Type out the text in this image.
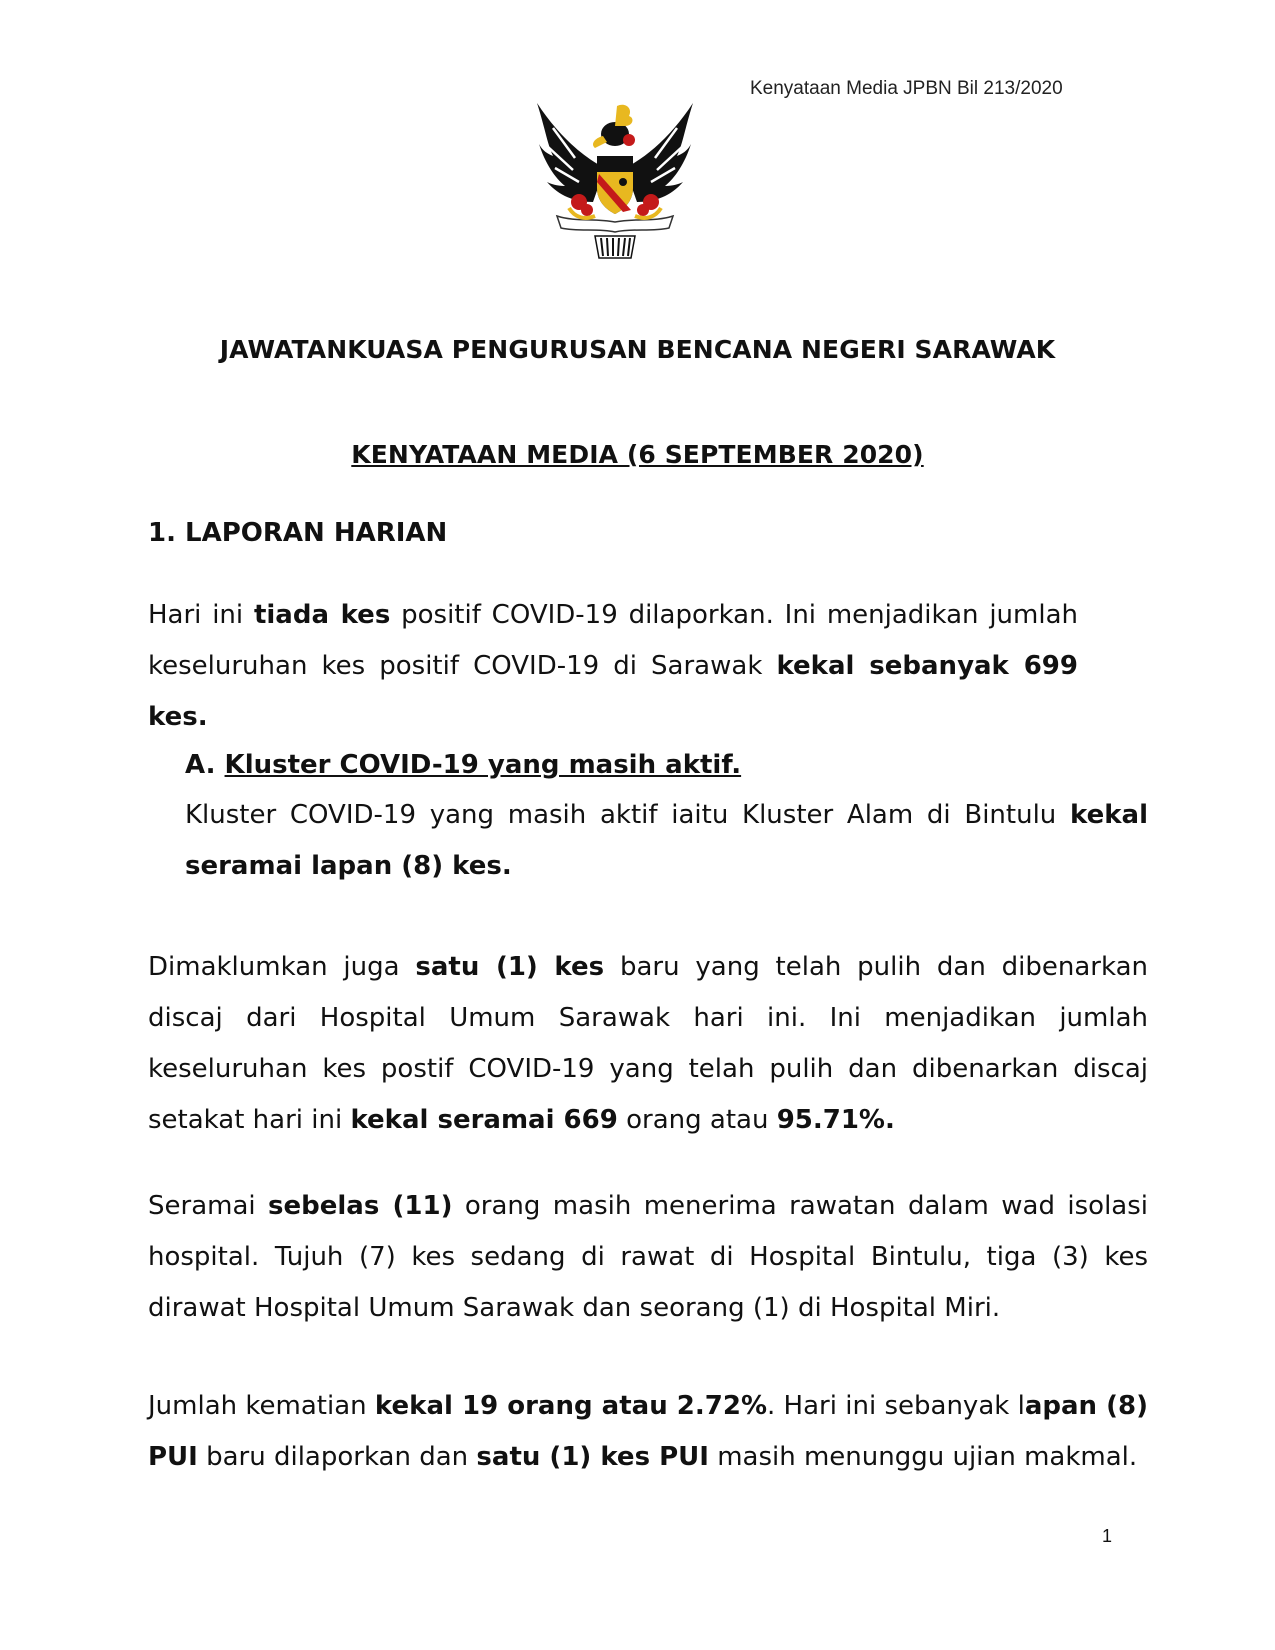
Kenyataan Media JPBN Bil 213/2020
JAWATANKUASA PENGURUSAN BENCANA NEGERI SARAWAK
KENYATAAN MEDIA (6 SEPTEMBER 2020)
1. LAPORAN HARIAN

Hari ini tiada kes positif COVID-19 dilaporkan. Ini menjadikan jumlah keseluruhan kes positif COVID-19 di Sarawak kekal sebanyak 699 kes.

A. Kluster COVID-19 yang masih aktif.

Kluster COVID-19 yang masih aktif iaitu Kluster Alam di Bintulu kekal seramai lapan (8) kes.

Dimaklumkan juga satu (1) kes baru yang telah pulih dan dibenarkan discaj dari Hospital Umum Sarawak hari ini. Ini menjadikan jumlah keseluruhan kes postif COVID-19 yang telah pulih dan dibenarkan discaj setakat hari ini kekal seramai 669 orang atau 95.71%.

Seramai sebelas (11) orang masih menerima rawatan dalam wad isolasi hospital. Tujuh (7) kes sedang di rawat di Hospital Bintulu, tiga (3) kes dirawat Hospital Umum Sarawak dan seorang (1) di Hospital Miri.

Jumlah kematian kekal 19 orang atau 2.72%. Hari ini sebanyak lapan (8) PUI baru dilaporkan dan satu (1) kes PUI masih menunggu ujian makmal.

1
